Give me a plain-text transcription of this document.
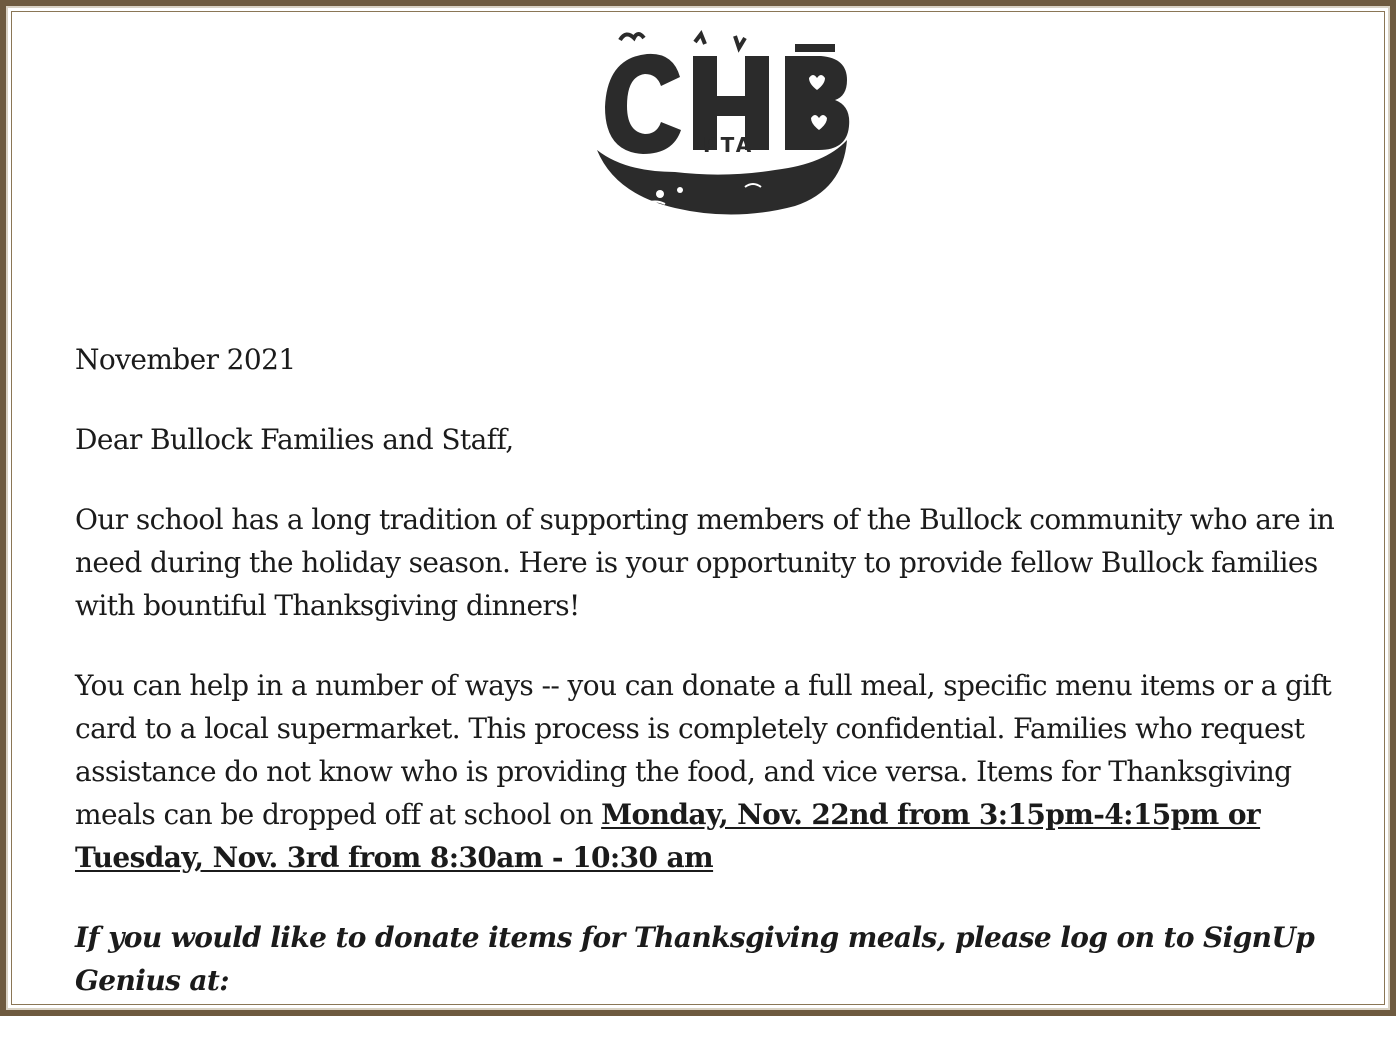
PTA

November 2021

Dear Bullock Families and Staff,

Our school has a long tradition of supporting members of the Bullock community who are in need during the holiday season. Here is your opportunity to provide fellow Bullock families with bountiful Thanksgiving dinners!

You can help in a number of ways -- you can donate a full meal, specific menu items or a gift card to a local supermarket. This process is completely confidential. Families who request assistance do not know who is providing the food, and vice versa. Items for Thanksgiving meals can be dropped off at school on Monday, Nov. 22nd from 3:15pm-4:15pm or Tuesday, Nov. 3rd from 8:30am - 10:30 am

If you would like to donate items for Thanksgiving meals, please log on to SignUp Genius at:
